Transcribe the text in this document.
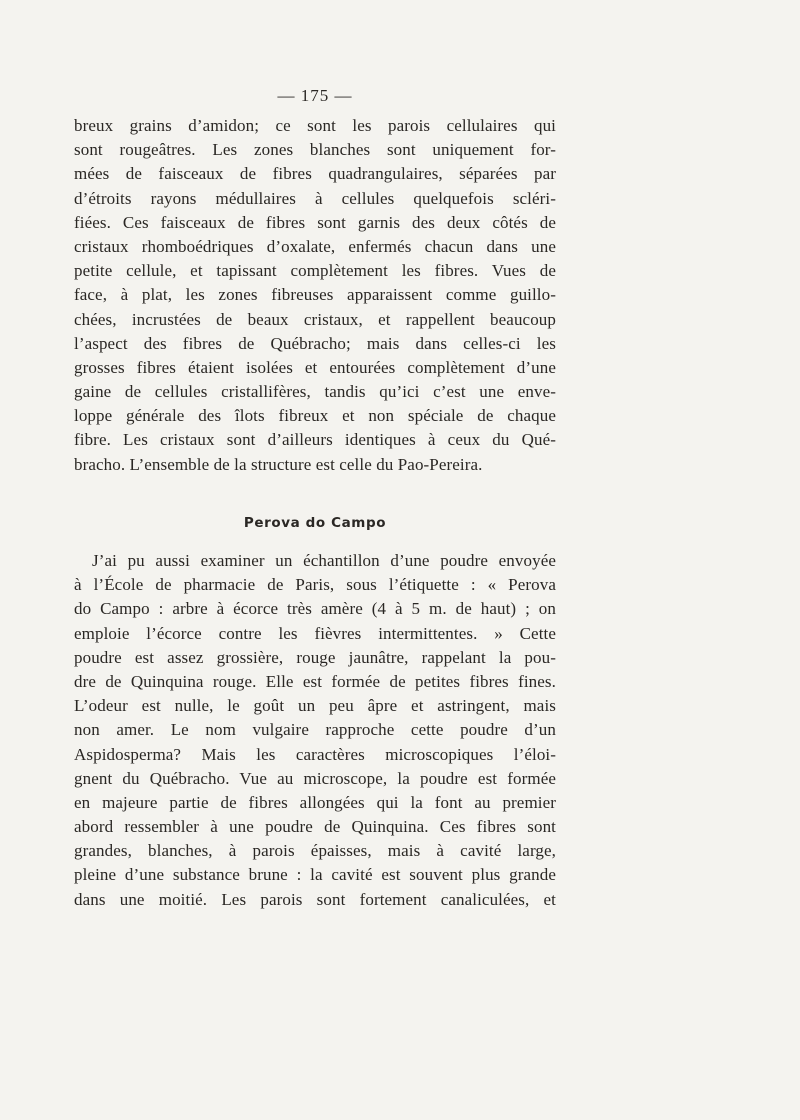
— 175 —
breux grains d’amidon; ce sont les parois cellulaires qui
sont rougeâtres. Les zones blanches sont uniquement for-
mées de faisceaux de fibres quadrangulaires, séparées par
d’étroits rayons médullaires à cellules quelquefois scléri-
fiées. Ces faisceaux de fibres sont garnis des deux côtés de
cristaux rhomboédriques d’oxalate, enfermés chacun dans une
petite cellule, et tapissant complètement les fibres. Vues de
face, à plat, les zones fibreuses apparaissent comme guillo-
chées, incrustées de beaux cristaux, et rappellent beaucoup
l’aspect des fibres de Québracho; mais dans celles-ci les
grosses fibres étaient isolées et entourées complètement d’une
gaine de cellules cristallifères, tandis qu’ici c’est une enve-
loppe générale des îlots fibreux et non spéciale de chaque
fibre. Les cristaux sont d’ailleurs identiques à ceux du Qué-
bracho. L’ensemble de la structure est celle du Pao-Pereira.
Perova do Campo
J’ai pu aussi examiner un échantillon d’une poudre envoyée
à l’École de pharmacie de Paris, sous l’étiquette : « Perova
do Campo : arbre à écorce très amère (4 à 5 m. de haut) ; on
emploie l’écorce contre les fièvres intermittentes. » Cette
poudre est assez grossière, rouge jaunâtre, rappelant la pou-
dre de Quinquina rouge. Elle est formée de petites fibres fines.
L’odeur est nulle, le goût un peu âpre et astringent, mais
non amer. Le nom vulgaire rapproche cette poudre d’un
Aspidosperma? Mais les caractères microscopiques l’éloi-
gnent du Québracho. Vue au microscope, la poudre est formée
en majeure partie de fibres allongées qui la font au premier
abord ressembler à une poudre de Quinquina. Ces fibres sont
grandes, blanches, à parois épaisses, mais à cavité large,
pleine d’une substance brune : la cavité est souvent plus grande
dans une moitié. Les parois sont fortement canaliculées, et
